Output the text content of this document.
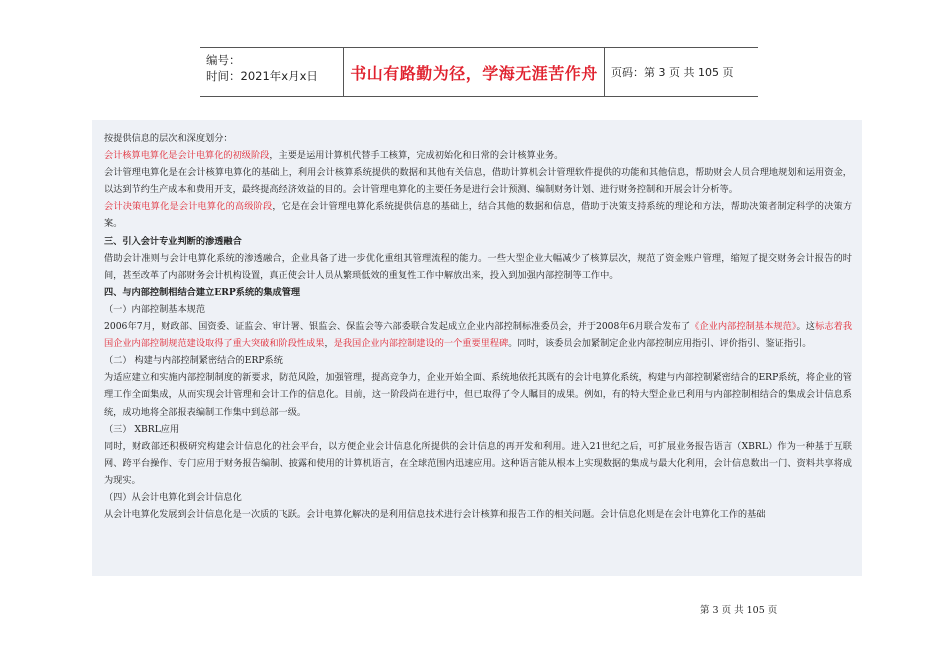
编号：
时间：2021年x月x日	书山有路勤为径，学海无涯苦作舟 页码：第 3 页 共 105 页

按提供信息的层次和深度划分：

会计核算电算化是会计电算化的初级阶段，主要是运用计算机代替手工核算，完成初始化和日常的会计核算业务。

会计管理电算化是在会计核算电算化的基础上，利用会计核算系统提供的数据和其他有关信息，借助计算机会计管理软件提供的功能和其他信息，帮助财会人员合理地规划和运用资金，以达到节约生产成本和费用开支，最终提高经济效益的目的。会计管理电算化的主要任务是进行会计预测、编制财务计划、进行财务控制和开展会计分析等。

会计决策电算化是会计电算化的高级阶段，它是在会计管理电算化系统提供信息的基础上，结合其他的数据和信息，借助于决策支持系统的理论和方法，帮助决策者制定科学的决策方案。

三、引入会计专业判断的渗透融合

借助会计准则与会计电算化系统的渗透融合，企业具备了进一步优化重组其管理流程的能力。一些大型企业大幅减少了核算层次，规范了资金账户管理，缩短了提交财务会计报告的时间，甚至改革了内部财务会计机构设置，真正使会计人员从繁琐低效的重复性工作中解放出来，投入到加强内部控制等工作中。

四、与内部控制相结合建立ERP系统的集成管理

（一）内部控制基本规范

2006年7月，财政部、国资委、证监会、审计署、银监会、保监会等六部委联合发起成立企业内部控制标准委员会，并于2008年6月联合发布了《企业内部控制基本规范》。这标志着我国企业内部控制规范建设取得了重大突破和阶段性成果，是我国企业内部控制建设的一个重要里程碑。同时，该委员会加紧制定企业内部控制应用指引、评价指引、鉴证指引。

（二） 构建与内部控制紧密结合的ERP系统

为适应建立和实施内部控制制度的新要求，防范风险，加强管理，提高竞争力，企业开始全面、系统地依托其既有的会计电算化系统，构建与内部控制紧密结合的ERP系统，将企业的管理工作全面集成，从而实现会计管理和会计工作的信息化。目前，这一阶段尚在进行中，但已取得了令人瞩目的成果。例如，有的特大型企业已利用与内部控制相结合的集成会计信息系统，成功地将全部报表编制工作集中到总部一级。

（三） XBRL应用

同时，财政部还积极研究构建会计信息化的社会平台，以方便企业会计信息化所提供的会计信息的再开发和利用。进入21世纪之后，可扩展业务报告语言（XBRL）作为一种基于互联网、跨平台操作、专门应用于财务报告编制、披露和使用的计算机语言，在全球范围内迅速应用。这种语言能从根本上实现数据的集成与最大化利用，会计信息数出一门、资料共享将成为现实。

（四）从会计电算化到会计信息化

从会计电算化发展到会计信息化是一次质的飞跃。会计电算化解决的是利用信息技术进行会计核算和报告工作的相关问题。会计信息化则是在会计电算化工作的基础

第 3 页 共 105 页
